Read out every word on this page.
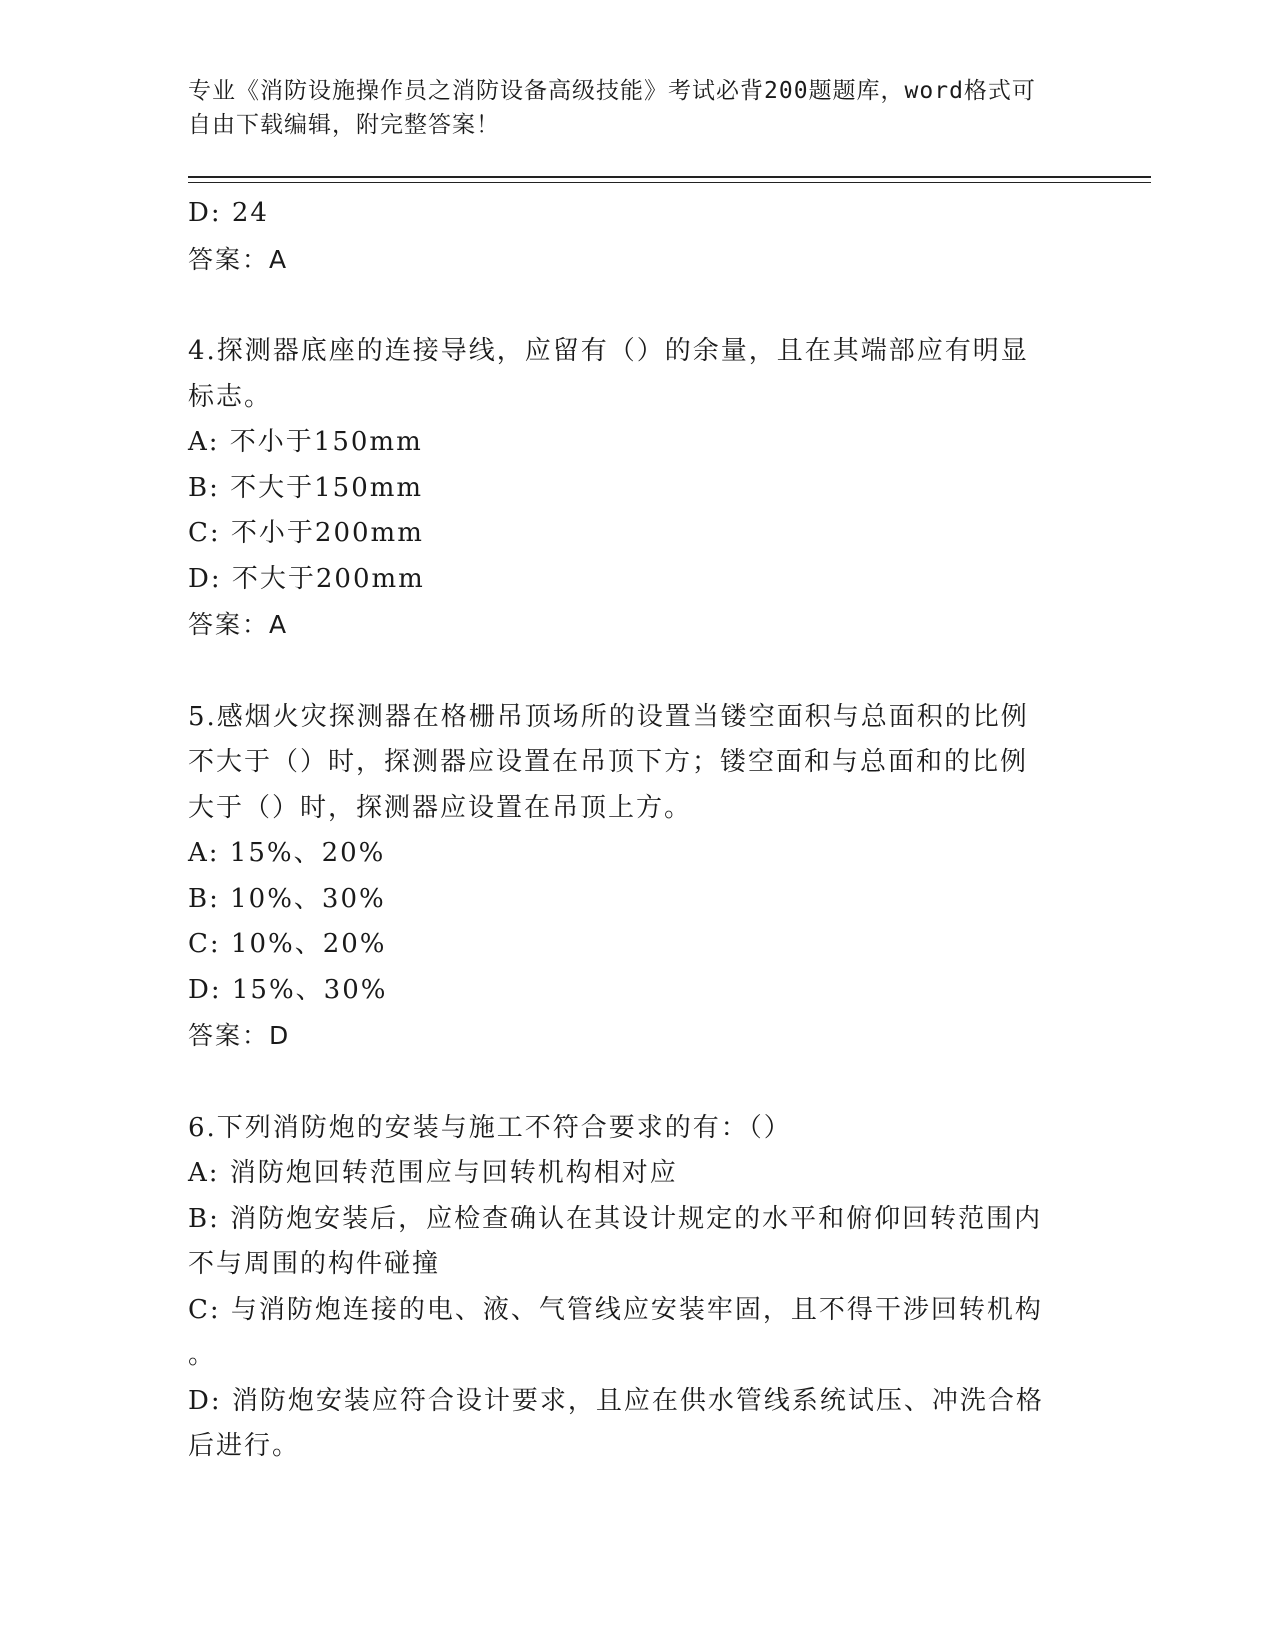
专业《消防设施操作员之消防设备高级技能》考试必背200题题库，word格式可
自由下载编辑，附完整答案！
D: 24
答案：A
4.探测器底座的连接导线，应留有（）的余量，且在其端部应有明显
标志。
A: 不小于150mm
B: 不大于150mm
C: 不小于200mm
D: 不大于200mm
答案：A
5.感烟火灾探测器在格栅吊顶场所的设置当镂空面积与总面积的比例
不大于（）时，探测器应设置在吊顶下方；镂空面和与总面和的比例
大于（）时，探测器应设置在吊顶上方。
A: 15%、20%
B: 10%、30%
C: 10%、20%
D: 15%、30%
答案：D
6.下列消防炮的安装与施工不符合要求的有：（）
A: 消防炮回转范围应与回转机构相对应
B: 消防炮安装后，应检查确认在其设计规定的水平和俯仰回转范围内
不与周围的构件碰撞
C: 与消防炮连接的电、液、气管线应安装牢固，且不得干涉回转机构
。
D: 消防炮安装应符合设计要求，且应在供水管线系统试压、冲洗合格
后进行。
